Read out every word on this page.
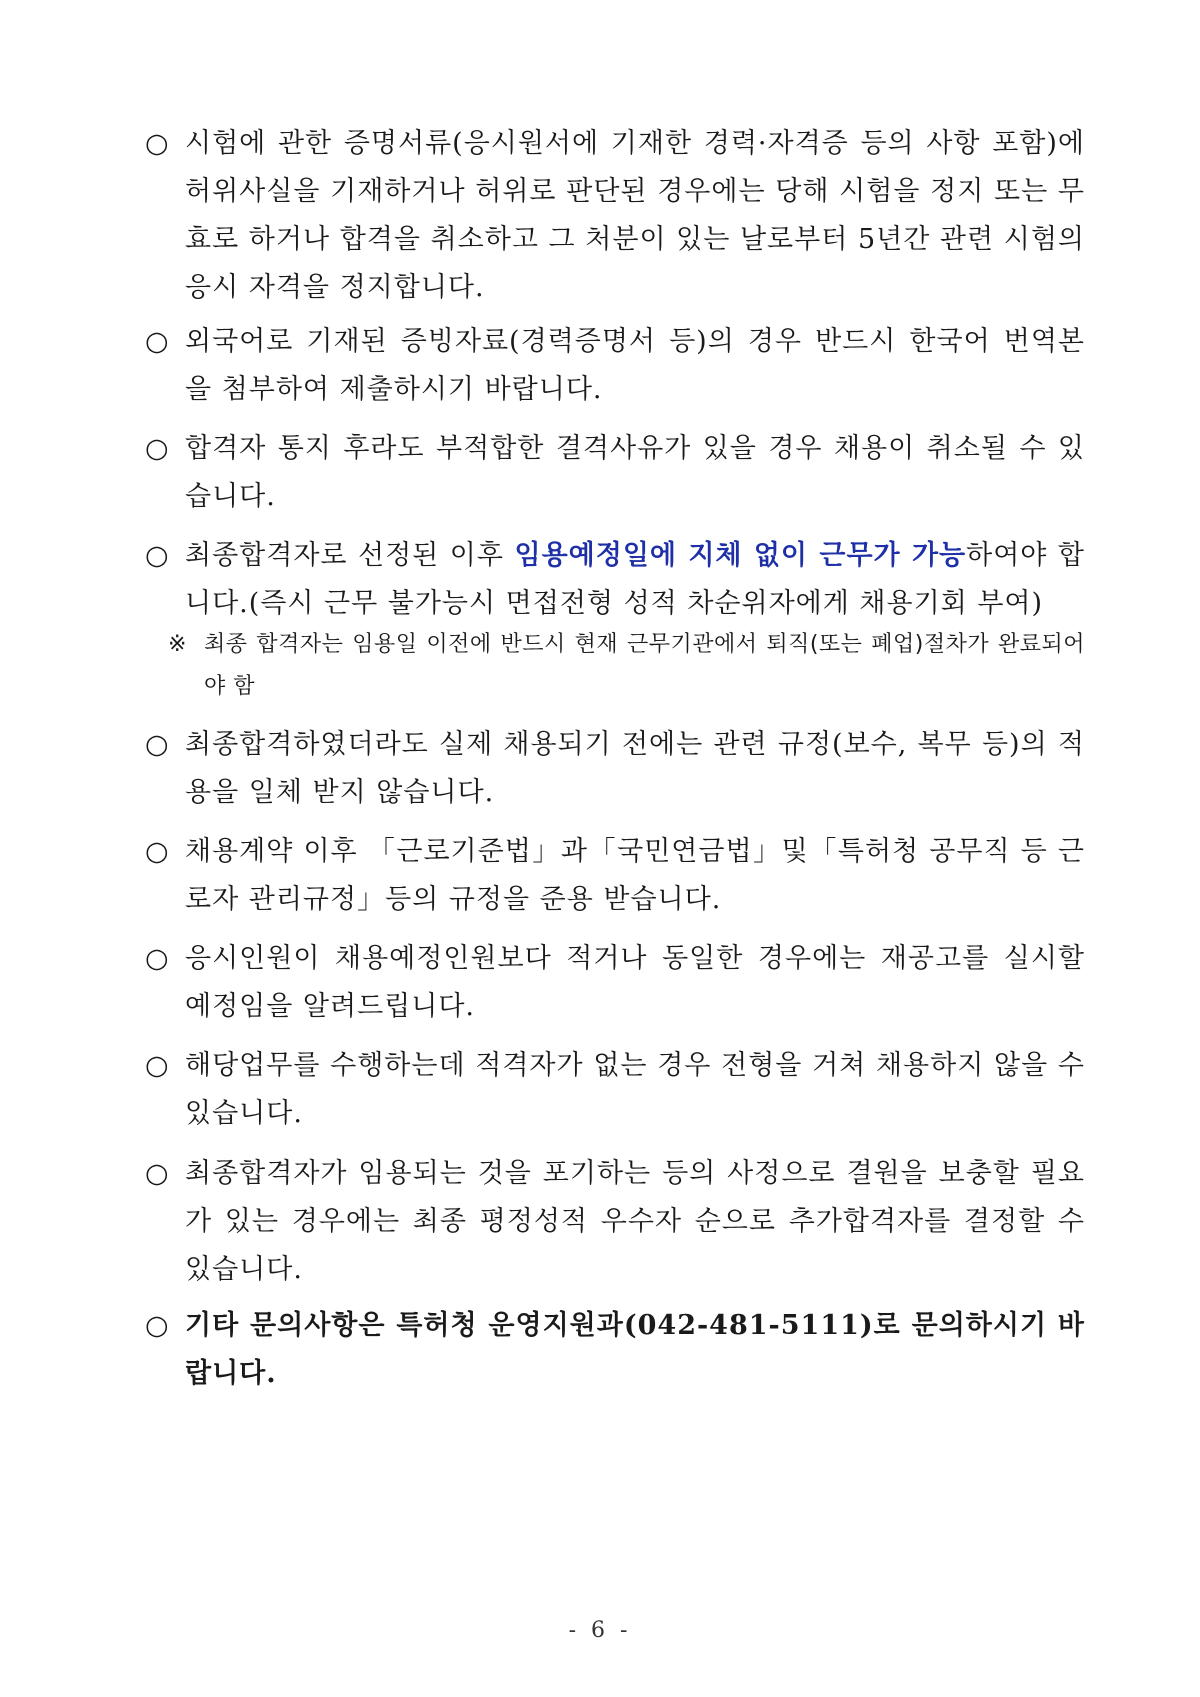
○ 시험에 관한 증명서류(응시원서에 기재한 경력·자격증 등의 사항 포함)에 허위사실을 기재하거나 허위로 판단된 경우에는 당해 시험을 정지 또는 무효로 하거나 합격을 취소하고 그 처분이 있는 날로부터 5년간 관련 시험의 응시 자격을 정지합니다.
○ 외국어로 기재된 증빙자료(경력증명서 등)의 경우 반드시 한국어 번역본을 첨부하여 제출하시기 바랍니다.
○ 합격자 통지 후라도 부적합한 결격사유가 있을 경우 채용이 취소될 수 있습니다.
○ 최종합격자로 선정된 이후 임용예정일에 지체 없이 근무가 가능하여야 합니다.(즉시 근무 불가능시 면접전형 성적 차순위자에게 채용기회 부여)
※ 최종 합격자는 임용일 이전에 반드시 현재 근무기관에서 퇴직(또는 폐업)절차가 완료되어야 함
○ 최종합격하였더라도 실제 채용되기 전에는 관련 규정(보수, 복무 등)의 적용을 일체 받지 않습니다.
○ 채용계약 이후 「근로기준법」과「국민연금법」및「특허청 공무직 등 근로자 관리규정」등의 규정을 준용 받습니다.
○ 응시인원이 채용예정인원보다 적거나 동일한 경우에는 재공고를 실시할 예정임을 알려드립니다.
○ 해당업무를 수행하는데 적격자가 없는 경우 전형을 거쳐 채용하지 않을 수 있습니다.
○ 최종합격자가 임용되는 것을 포기하는 등의 사정으로 결원을 보충할 필요가 있는 경우에는 최종 평정성적 우수자 순으로 추가합격자를 결정할 수 있습니다.
○ 기타 문의사항은 특허청 운영지원과(042-481-5111)로 문의하시기 바랍니다.
- 6 -
